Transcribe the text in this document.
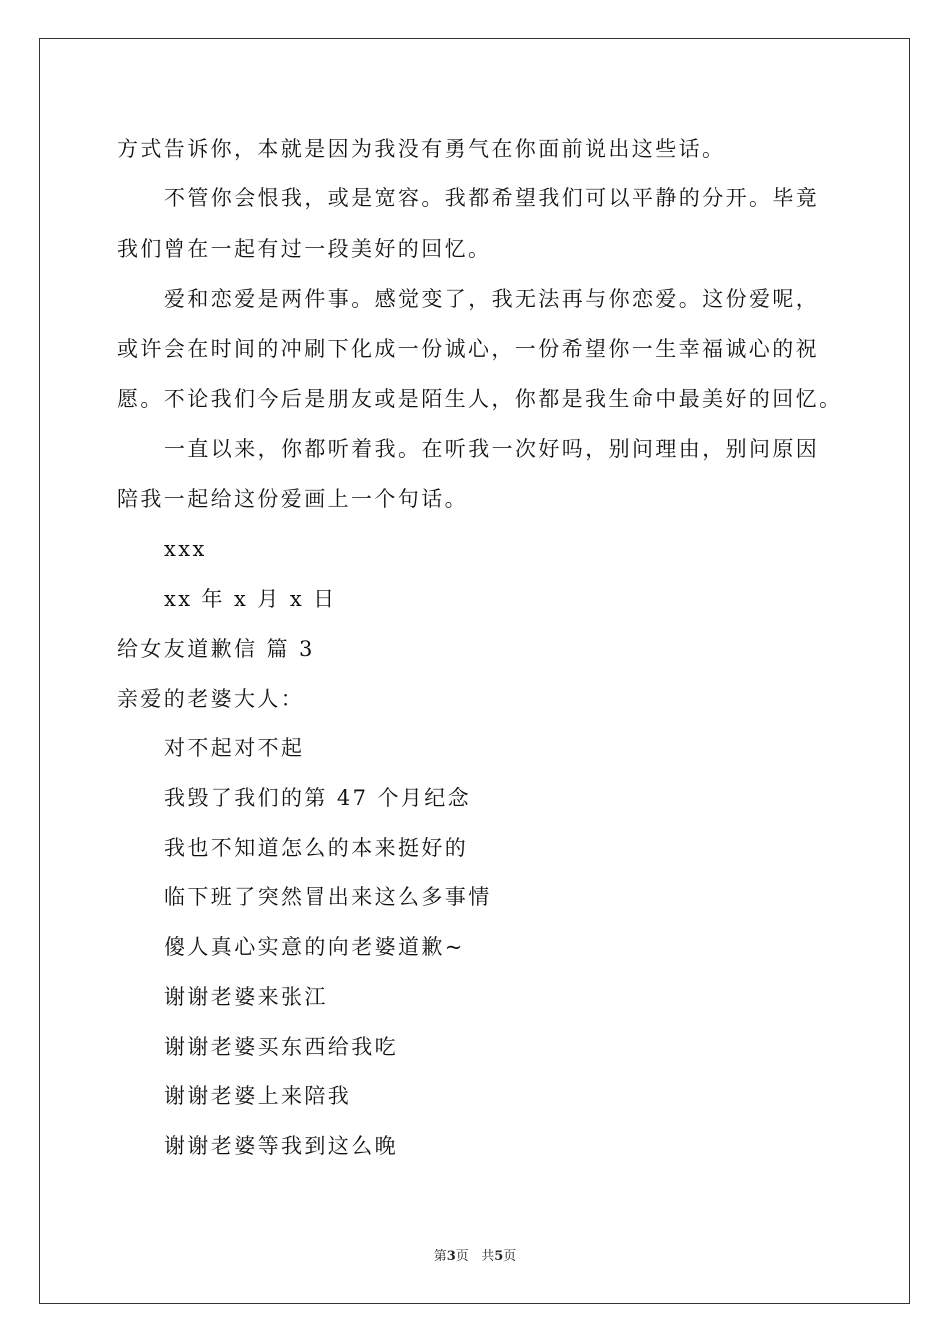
方式告诉你，本就是因为我没有勇气在你面前说出这些话。
不管你会恨我，或是宽容。我都希望我们可以平静的分开。毕竟
我们曾在一起有过一段美好的回忆。
爱和恋爱是两件事。感觉变了，我无法再与你恋爱。这份爱呢，
或许会在时间的冲刷下化成一份诚心，一份希望你一生幸福诚心的祝
愿。不论我们今后是朋友或是陌生人，你都是我生命中最美好的回忆。
一直以来，你都听着我。在听我一次好吗，别问理由，别问原因
陪我一起给这份爱画上一个句话。
xxx
xx 年 x 月 x 日
给女友道歉信 篇 3
亲爱的老婆大人：
对不起对不起
我毁了我们的第 47 个月纪念
我也不知道怎么的本来挺好的
临下班了突然冒出来这么多事情
傻人真心实意的向老婆道歉~
谢谢老婆来张江
谢谢老婆买东西给我吃
谢谢老婆上来陪我
谢谢老婆等我到这么晚
第3页 共5页
